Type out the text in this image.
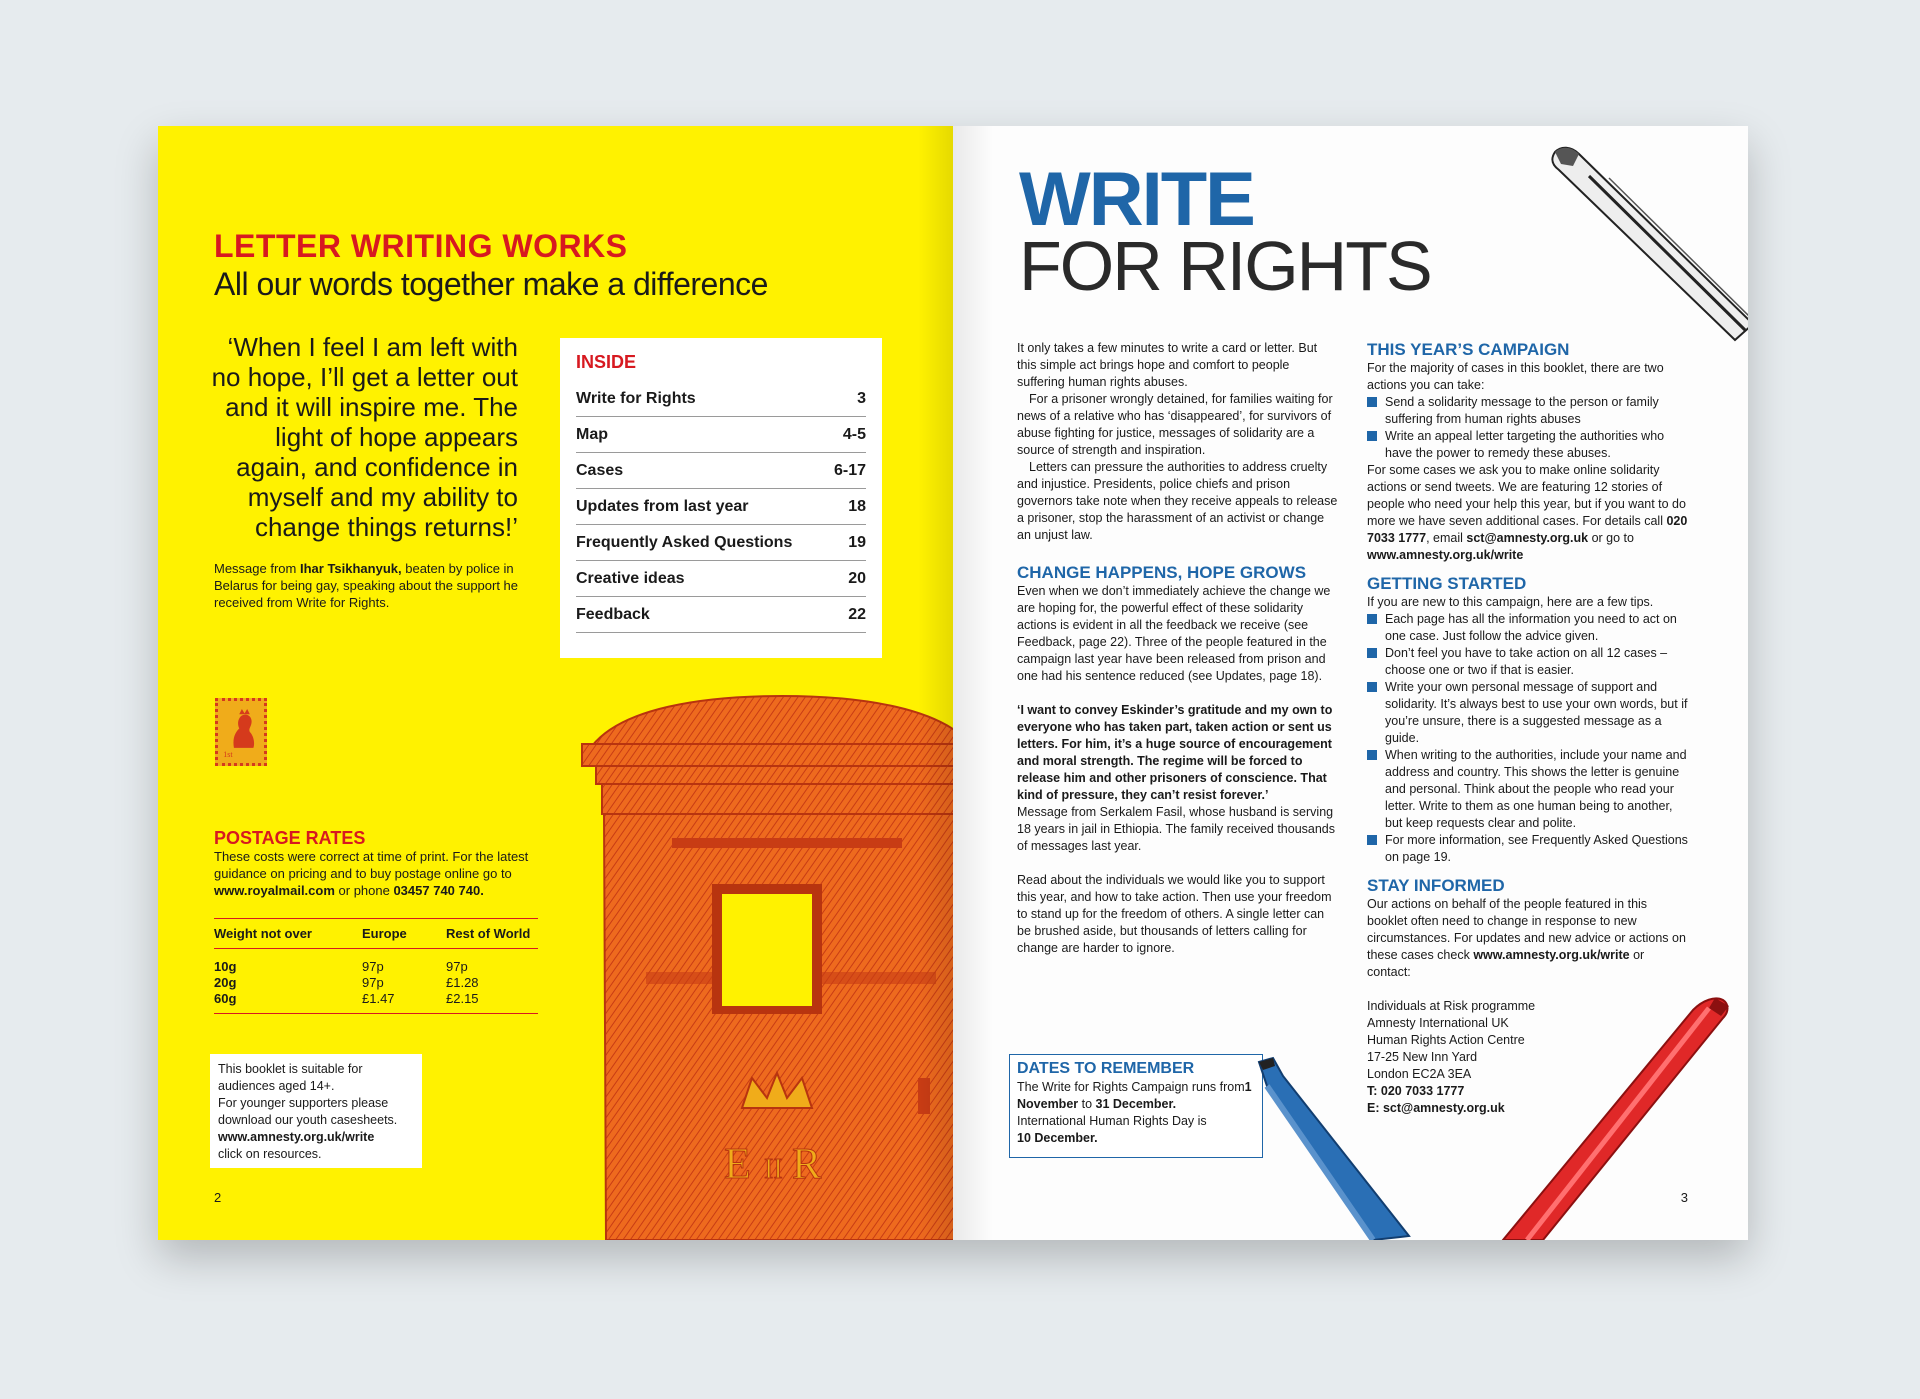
LETTER WRITING WORKS
All our words together make a difference
‘When I feel I am left with no hope, I’ll get a letter out and it will inspire me. The light of hope appears again, and confidence in myself and my ability to change things returns!’
Message from Ihar Tsikhanyuk, beaten by police in Belarus for being gay, speaking about the support he received from Write for Rights.
INSIDE
Write for Rights	3
Map	4-5
Cases	6-17
Updates from last year	18
Frequently Asked Questions	19
Creative ideas	20
Feedback	22
1st
POSTAGE RATES
These costs were correct at time of print. For the latest guidance on pricing and to buy postage online go to www.royalmail.com or phone 03457 740 740.
Weight not over	Europe	Rest of World
10g	97p	97p
20g	97p	£1.28
60g	£1.47	£2.15
This booklet is suitable for audiences aged 14+.
For younger supporters please download our youth casesheets.
www.amnesty.org.uk/write
click on resources.
2
E II R
WRITE
FOR RIGHTS

It only takes a few minutes to write a card or letter. But this simple act brings hope and comfort to people suffering human rights abuses.

For a prisoner wrongly detained, for families waiting for news of a relative who has ‘disappeared’, for survivors of abuse fighting for justice, messages of solidarity are a source of strength and inspiration.

Letters can pressure the authorities to address cruelty and injustice. Presidents, police chiefs and prison governors take note when they receive appeals to release a prisoner, stop the harassment of an activist or change an unjust law.

CHANGE HAPPENS, HOPE GROWS

Even when we don’t immediately achieve the change we are hoping for, the powerful effect of these solidarity actions is evident in all the feedback we receive (see Feedback, page 22). Three of the people featured in the campaign last year have been released from prison and one had his sentence reduced (see Updates, page 18).

‘I want to convey Eskinder’s gratitude and my own to everyone who has taken part, taken action or sent us letters. For him, it’s a huge source of encouragement and moral strength. The regime will be forced to release him and other prisoners of conscience. That kind of pressure, they can’t resist forever.’

Message from Serkalem Fasil, whose husband is serving 18 years in jail in Ethiopia. The family received thousands of messages last year.

Read about the individuals we would like you to support this year, and how to take action. Then use your freedom to stand up for the freedom of others. A single letter can be brushed aside, but thousands of letters calling for change are harder to ignore.

DATES TO REMEMBER
The Write for Rights Campaign runs from1 November to 31 December.
International Human Rights Day is
10 December.
THIS YEAR’S CAMPAIGN

For the majority of cases in this booklet, there are two actions you can take:

Send a solidarity message to the person or family suffering from human rights abuses
Write an appeal letter targeting the authorities who have the power to remedy these abuses.

For some cases we ask you to make online solidarity actions or send tweets. We are featuring 12 stories of people who need your help this year, but if you want to do more we have seven additional cases. For details call 020 7033 1777, email sct@amnesty.org.uk or go to www.amnesty.org.uk/write

GETTING STARTED

If you are new to this campaign, here are a few tips.

Each page has all the information you need to act on one case. Just follow the advice given.
Don’t feel you have to take action on all 12 cases – choose one or two if that is easier.
Write your own personal message of support and solidarity. It’s always best to use your own words, but if you’re unsure, there is a suggested message as a guide.
When writing to the authorities, include your name and address and country. This shows the letter is genuine and personal. Think about the people who read your letter. Write to them as one human being to another, but keep requests clear and polite.
For more information, see Frequently Asked Questions on page 19.
STAY INFORMED

Our actions on behalf of the people featured in this booklet often need to change in response to new circumstances. For updates and new advice or actions on these cases check www.amnesty.org.uk/write or contact:

Individuals at Risk programme

Amnesty International UK

Human Rights Action Centre

17-25 New Inn Yard

London EC2A 3EA

T: 020 7033 1777

E: sct@amnesty.org.uk

3
